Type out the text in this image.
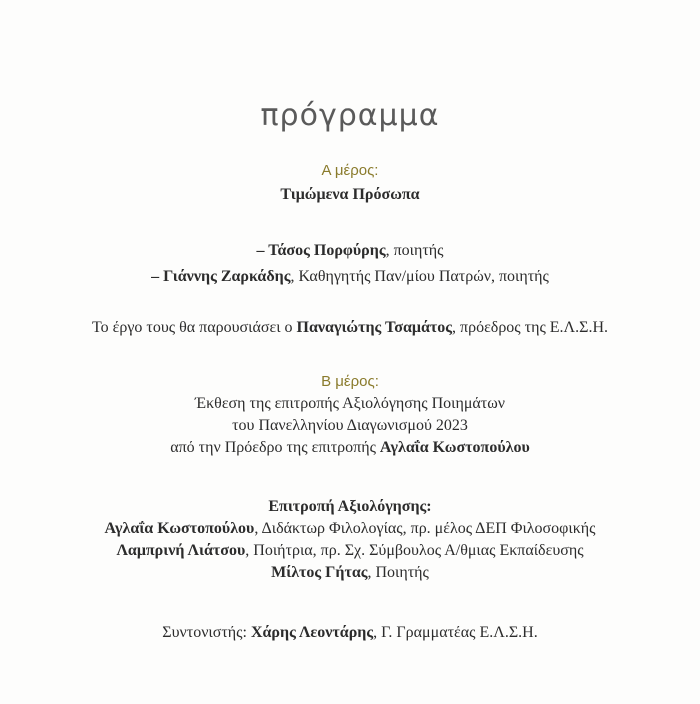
πρόγραμμα
Α μέρος:
Τιμώμενα Πρόσωπα
– Τάσος Πορφύρης, ποιητής
– Γιάννης Ζαρκάδης, Καθηγητής Παν/μίου Πατρών, ποιητής
Το έργο τους θα παρουσιάσει ο Παναγιώτης Τσαμάτος, πρόεδρος της Ε.Λ.Σ.Η.
Β μέρος:
Έκθεση της επιτροπής Αξιολόγησης Ποιημάτων
του Πανελληνίου Διαγωνισμού 2023
από την Πρόεδρο της επιτροπής Αγλαΐα Κωστοπούλου
Επιτροπή Αξιολόγησης:
Αγλαΐα Κωστοπούλου, Διδάκτωρ Φιλολογίας, πρ. μέλος ΔΕΠ Φιλοσοφικής
Λαμπρινή Λιάτσου, Ποιήτρια, πρ. Σχ. Σύμβουλος Α/θμιας Εκπαίδευσης
Μίλτος Γήτας, Ποιητής
Συντονιστής: Χάρης Λεοντάρης, Γ. Γραμματέας Ε.Λ.Σ.Η.
